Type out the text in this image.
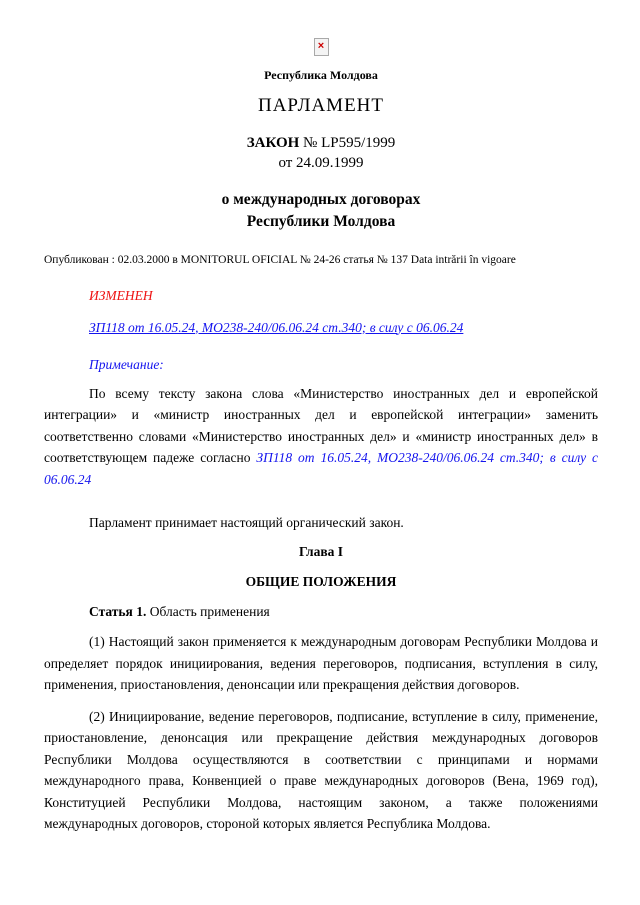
×
Республика Молдова
ПАРЛАМЕНТ
ЗАКОН № LP595/1999
от 24.09.1999
о международных договорах
Республики Молдова
Опубликован : 02.03.2000 в MONITORUL OFICIAL № 24-26 статья № 137 Data intrării în vigoare
ИЗМЕНЕН
ЗП118 от 16.05.24, МО238-240/06.06.24 ст.340; в силу с 06.06.24
Примечание:

По всему тексту закона слова «Министерство иностранных дел и европейской интеграции» и «министр иностранных дел и европейской интеграции» заменить соответственно словами «Министерство иностранных дел» и «министр иностранных дел» в соответствующем падеже согласно ЗП118 от 16.05.24, МО238-240/06.06.24 ст.340; в силу с 06.06.24

Парламент принимает настоящий органический закон.

Глава I
ОБЩИЕ ПОЛОЖЕНИЯ

Статья 1. Область применения

(1) Настоящий закон применяется к международным договорам Республики Молдова и определяет порядок инициирования, ведения переговоров, подписания, вступления в силу, применения, приостановления, денонсации или прекращения действия договоров.

(2) Инициирование, ведение переговоров, подписание, вступление в силу, применение, приостановление, денонсация или прекращение действия международных договоров Республики Молдова осуществляются в соответствии с принципами и нормами международного права, Конвенцией о праве международных договоров (Вена, 1969 год), Конституцией Республики Молдова, настоящим законом, а также положениями международных договоров, стороной которых является Республика Молдова.
